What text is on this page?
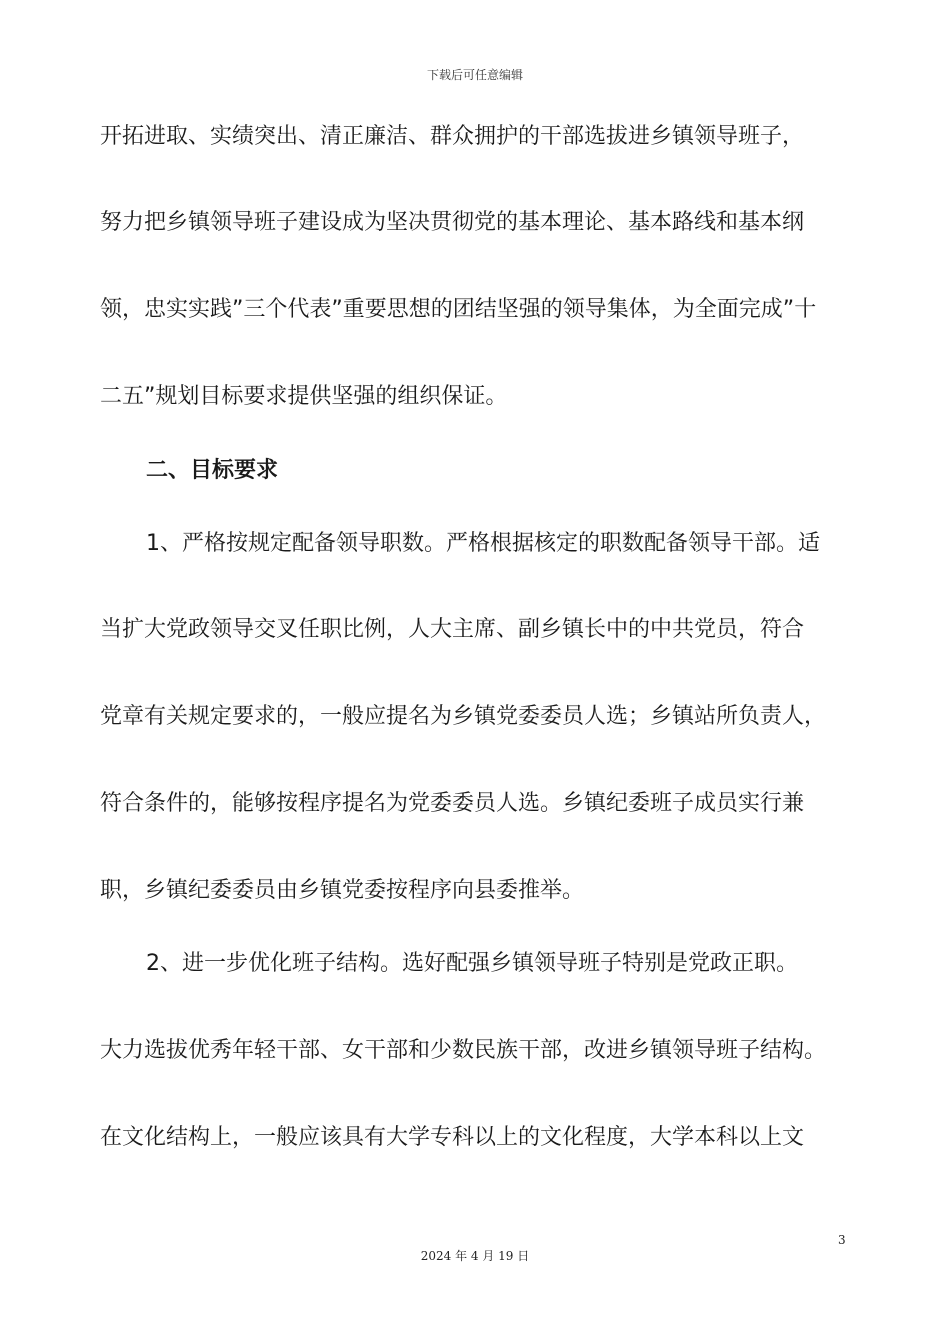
下载后可任意编辑
开拓进取、实绩突出、清正廉洁、群众拥护的干部选拔进乡镇领导班子，
努力把乡镇领导班子建设成为坚决贯彻党的基本理论、基本路线和基本纲
领，忠实实践”三个代表”重要思想的团结坚强的领导集体，为全面完成”十
二五”规划目标要求提供坚强的组织保证。
二、目标要求
1、严格按规定配备领导职数。严格根据核定的职数配备领导干部。适
当扩大党政领导交叉任职比例，人大主席、副乡镇长中的中共党员，符合
党章有关规定要求的，一般应提名为乡镇党委委员人选；乡镇站所负责人，
符合条件的，能够按程序提名为党委委员人选。乡镇纪委班子成员实行兼
职，乡镇纪委委员由乡镇党委按程序向县委推举。
2、进一步优化班子结构。选好配强乡镇领导班子特别是党政正职。
大力选拔优秀年轻干部、女干部和少数民族干部，改进乡镇领导班子结构。
在文化结构上，一般应该具有大学专科以上的文化程度，大学本科以上文
3
2024 年 4 月 19 日
